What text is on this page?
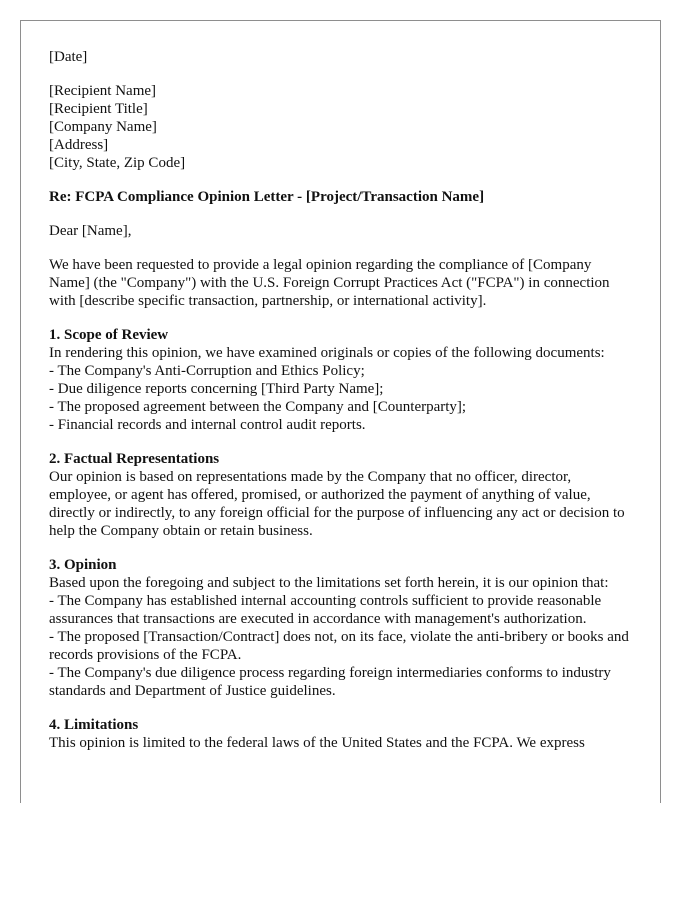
[Date]
[Recipient Name]
[Recipient Title]
[Company Name]
[Address]
[City, State, Zip Code]
Re: FCPA Compliance Opinion Letter - [Project/Transaction Name]
Dear [Name],
We have been requested to provide a legal opinion regarding the compliance of [Company Name] (the "Company") with the U.S. Foreign Corrupt Practices Act ("FCPA") in connection with [describe specific transaction, partnership, or international activity].
1. Scope of Review
In rendering this opinion, we have examined originals or copies of the following documents:
- The Company's Anti-Corruption and Ethics Policy;
- Due diligence reports concerning [Third Party Name];
- The proposed agreement between the Company and [Counterparty];
- Financial records and internal control audit reports.
2. Factual Representations
Our opinion is based on representations made by the Company that no officer, director, employee, or agent has offered, promised, or authorized the payment of anything of value, directly or indirectly, to any foreign official for the purpose of influencing any act or decision to help the Company obtain or retain business.
3. Opinion
Based upon the foregoing and subject to the limitations set forth herein, it is our opinion that:
- The Company has established internal accounting controls sufficient to provide reasonable assurances that transactions are executed in accordance with management's authorization.
- The proposed [Transaction/Contract] does not, on its face, violate the anti-bribery or books and records provisions of the FCPA.
- The Company's due diligence process regarding foreign intermediaries conforms to industry standards and Department of Justice guidelines.
4. Limitations
This opinion is limited to the federal laws of the United States and the FCPA. We express
